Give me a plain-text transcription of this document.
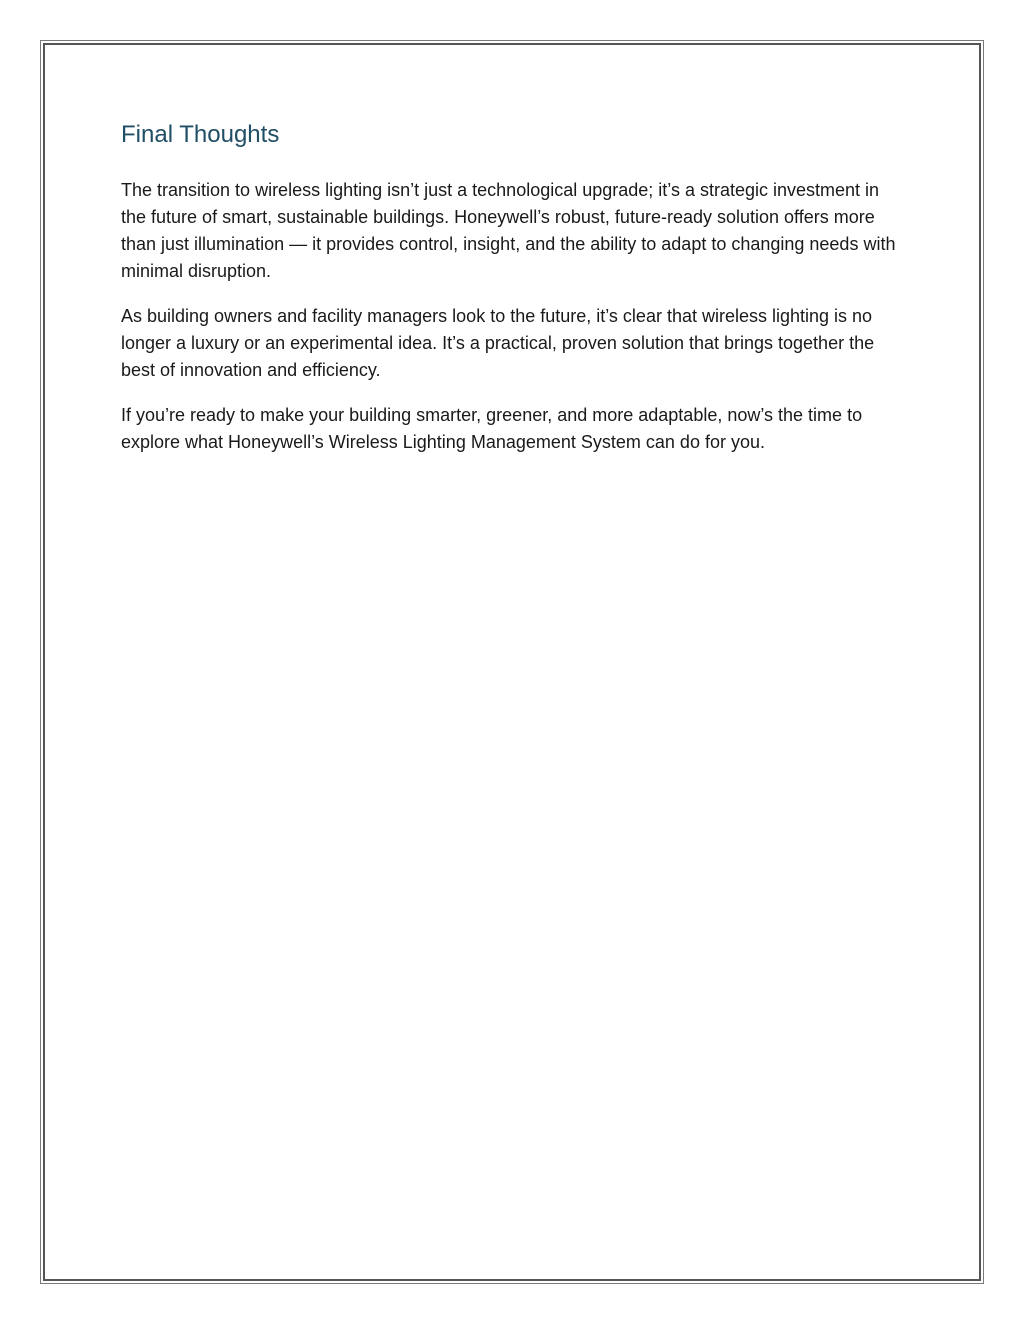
Final Thoughts

The transition to wireless lighting isn’t just a technological upgrade; it’s a strategic investment in the future of smart, sustainable buildings. Honeywell’s robust, future-ready solution offers more than just illumination — it provides control, insight, and the ability to adapt to changing needs with minimal disruption.

As building owners and facility managers look to the future, it’s clear that wireless lighting is no longer a luxury or an experimental idea. It’s a practical, proven solution that brings together the best of innovation and efficiency.

If you’re ready to make your building smarter, greener, and more adaptable, now’s the time to explore what Honeywell’s Wireless Lighting Management System can do for you.
